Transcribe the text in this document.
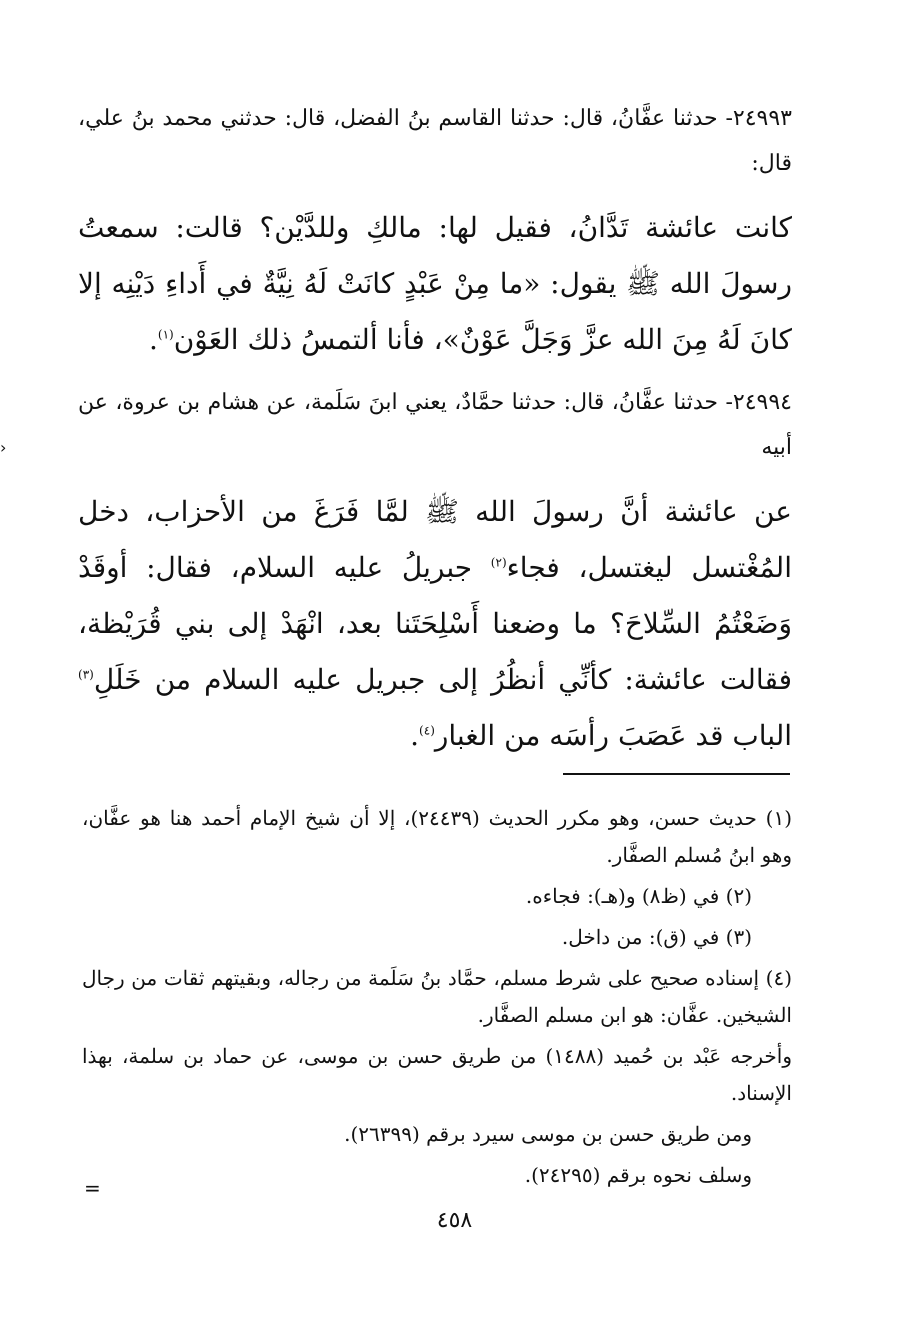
›

٢٤٩٩٣- حدثنا عفَّانُ، قال: حدثنا القاسم بنُ الفضل، قال: حدثني محمد بنُ علي، قال:

كانت عائشة تَدَّانُ، فقيل لها: مالكِ وللدَّيْن؟ قالت: سمعتُ رسولَ الله ﷺ يقول: «ما مِنْ عَبْدٍ كانَتْ لَهُ نِيَّةٌ في أَداءِ دَيْنِه إلا كانَ لَهُ مِنَ الله عزَّ وَجَلَّ عَوْنٌ»، فأنا ألتمسُ ذلك العَوْن$^{(١)}$.

٢٤٩٩٤- حدثنا عفَّانُ، قال: حدثنا حمَّادٌ، يعني ابنَ سَلَمة، عن هشام بن عروة، عن أبيه

عن عائشة أنَّ رسولَ الله ﷺ لمَّا فَرَغَ من الأحزاب، دخل المُغْتسل ليغتسل، فجاء$^{(٢)}$ جبريلُ عليه السلام، فقال: أوقَدْ وَضَعْتُمُ السِّلاحَ؟ ما وضعنا أَسْلِحَتَنا بعد، انْهَدْ إلى بني قُرَيْظة، فقالت عائشة: كأنِّي أنظُرُ إلى جبريل عليه السلام من خَلَلِ$^{(٣)}$ الباب قد عَصَبَ رأسَه من الغبار$^{(٤)}$.

(١) حديث حسن، وهو مكرر الحديث (٢٤٤٣٩)، إلا أن شيخ الإمام أحمد هنا هو عفَّان، وهو ابنُ مُسلم الصفَّار.

(٢) في (ظ٨) و(هـ): فجاءه.

(٣) في (ق): من داخل.

(٤) إسناده صحيح على شرط مسلم، حمَّاد بنُ سَلَمة من رجاله، وبقيتهم ثقات من رجال الشيخين. عفَّان: هو ابن مسلم الصفَّار.

وأخرجه عَبْد بن حُميد (١٤٨٨) من طريق حسن بن موسى، عن حماد بن سلمة، بهذا الإسناد.

ومن طريق حسن بن موسى سيرد برقم (٢٦٣٩٩).

وسلف نحوه برقم (٢٤٢٩٥).

=
٤٥٨
